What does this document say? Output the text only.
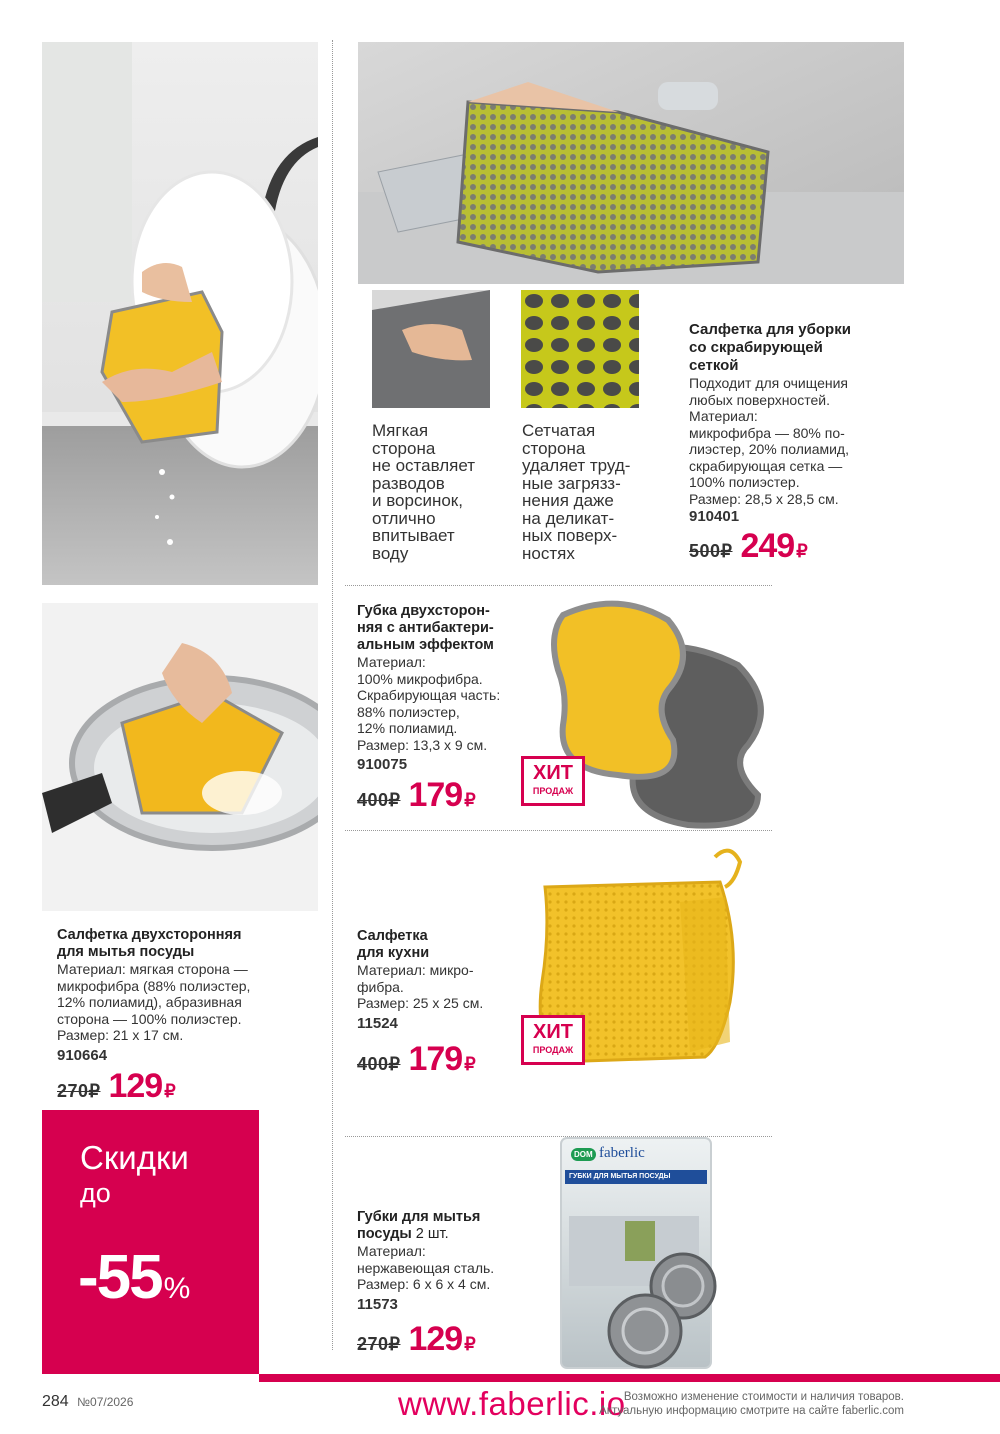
Мягкая
сторона
не оставляет
разводов
и ворсинок,
отлично
впитывает
воду
Сетчатая
сторона
удаляет труд-
ные загрязз-
нения даже
на деликат-
ных поверх-
ностях
Салфетка для уборки
со скрабирующей
сеткой
Подходит для очищения
любых поверхностей.
Материал:
микрофибра — 80% по-
лиэстер, 20% полиамид,
скрабирующая сетка —
100% полиэстер.
Размер: 28,5 х 28,5 см.
910401
500₽ 249 ₽
Салфетка двухсторонняя
для мытья посуды
Материал: мягкая сторона —
микрофибра (88% полиэстер,
12% полиамид), абразивная
сторона — 100% полиэстер.
Размер: 21 х 17 см.
910664
270₽ 129 ₽
Губка двухсторон-
няя с антибактери-
альным эффектом
Материал:
100% микрофибра.
Скрабирующая часть:
88% полиэстер,
12% полиамид.
Размер: 13,3 х 9 см.
910075
400₽ 179 ₽
ХИТ
ПРОДАЖ
Салфетка
для кухни
Материал: микро-
фибра.
Размер: 25 х 25 см.
11524
400₽ 179 ₽
ХИТ
ПРОДАЖ
Губки для мытья
посуды 2 шт.
Материал:
нержавеющая сталь.
Размер: 6 х 6 х 4 см.
11573
270₽ 129 ₽
DOM faberlic
ГУБКИ ДЛЯ МЫТЬЯ ПОСУДЫ
Скидки
до
-55%
284 №07/2026	www.faberlic.io
Возможно изменение стоимости и наличия товаров.
Актуальную информацию смотрите на сайте faberlic.com
